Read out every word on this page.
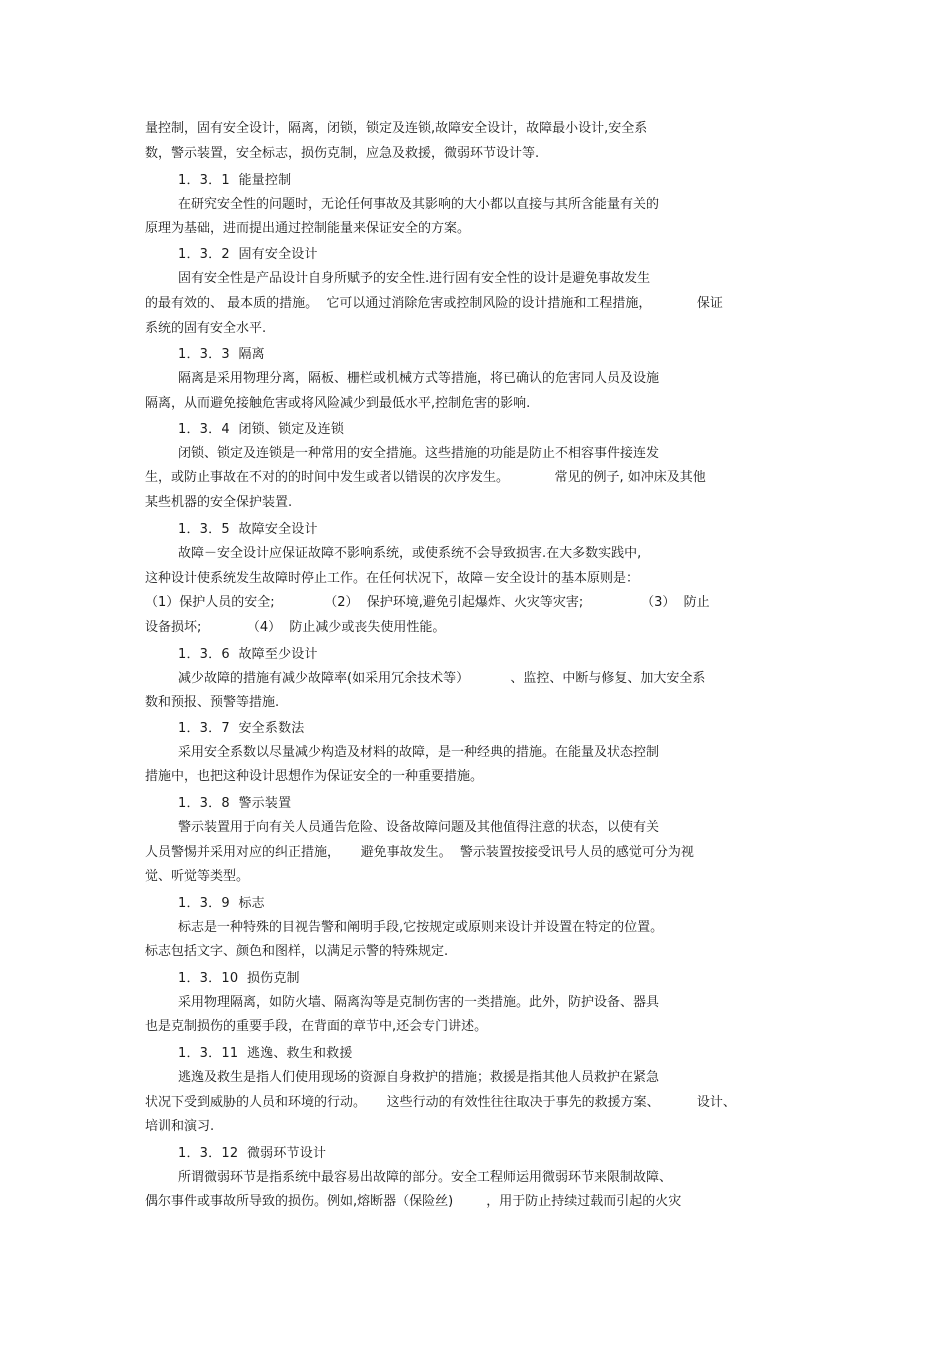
量控制，固有安全设计，隔离，闭锁，锁定及连锁,故障安全设计，故障最小设计,安全系

数，警示装置，安全标志，损伤克制，应急及救援，微弱环节设计等.

1．3．1  能量控制

在研究安全性的问题时，无论任何事故及其影响的大小都以直接与其所含能量有关的

原理为基础，进而提出通过控制能量来保证安全的方案。

1．3．2  固有安全设计

固有安全性是产品设计自身所赋予的安全性.进行固有安全性的设计是避免事故发生

的最有效的、 最本质的措施。  它可以通过消除危害或控制风险的设计措施和工程措施，           保证

系统的固有安全水平.

1．3．3  隔离

隔离是采用物理分离，隔板、栅栏或机械方式等措施，将已确认的危害同人员及设施

隔离，从而避免接触危害或将风险减少到最低水平,控制危害的影响.

1．3．4  闭锁、锁定及连锁

闭锁、锁定及连锁是一种常用的安全措施。这些措施的功能是防止不相容事件接连发

生，或防止事故在不对的的时间中发生或者以错误的次序发生。           常见的例子, 如冲床及其他

某些机器的安全保护装置.

1．3．5  故障安全设计

故障－安全设计应保证故障不影响系统，或使系统不会导致损害.在大多数实践中,

这种设计使系统发生故障时停止工作。在任何状况下，故障－安全设计的基本原则是：

（1）保护人员的安全;            （2）  保护环境,避免引起爆炸、火灾等灾害;              （3）  防止

设备损坏;           （4）  防止减少或丧失使用性能。

1．3．6  故障至少设计

减少故障的措施有减少故障率(如采用冗余技术等）          、监控、中断与修复、加大安全系

数和预报、预警等措施.

1．3．7  安全系数法

采用安全系数以尽量减少构造及材料的故障，是一种经典的措施。在能量及状态控制

措施中，也把这种设计思想作为保证安全的一种重要措施。

1．3．8  警示装置

警示装置用于向有关人员通告危险、设备故障问题及其他值得注意的状态，以使有关

人员警惕并采用对应的纠正措施，     避免事故发生。  警示装置按接受讯号人员的感觉可分为视

觉、听觉等类型。

1．3．9  标志

标志是一种特殊的目视告警和阐明手段,它按规定或原则来设计并设置在特定的位置。

标志包括文字、颜色和图样，以满足示警的特殊规定.

1．3．10  损伤克制

采用物理隔离，如防火墙、隔离沟等是克制伤害的一类措施。此外，防护设备、器具

也是克制损伤的重要手段，在背面的章节中,还会专门讲述。

1．3．11  逃逸、救生和救援

逃逸及救生是指人们使用现场的资源自身救护的措施；救援是指其他人员救护在紧急

状况下受到威胁的人员和环境的行动。     这些行动的有效性往往取决于事先的救援方案、         设计、

培训和演习.

1．3．12  微弱环节设计

所谓微弱环节是指系统中最容易出故障的部分。安全工程师运用微弱环节来限制故障、

偶尔事件或事故所导致的损伤。例如,熔断器（保险丝)        ，用于防止持续过载而引起的火灾
